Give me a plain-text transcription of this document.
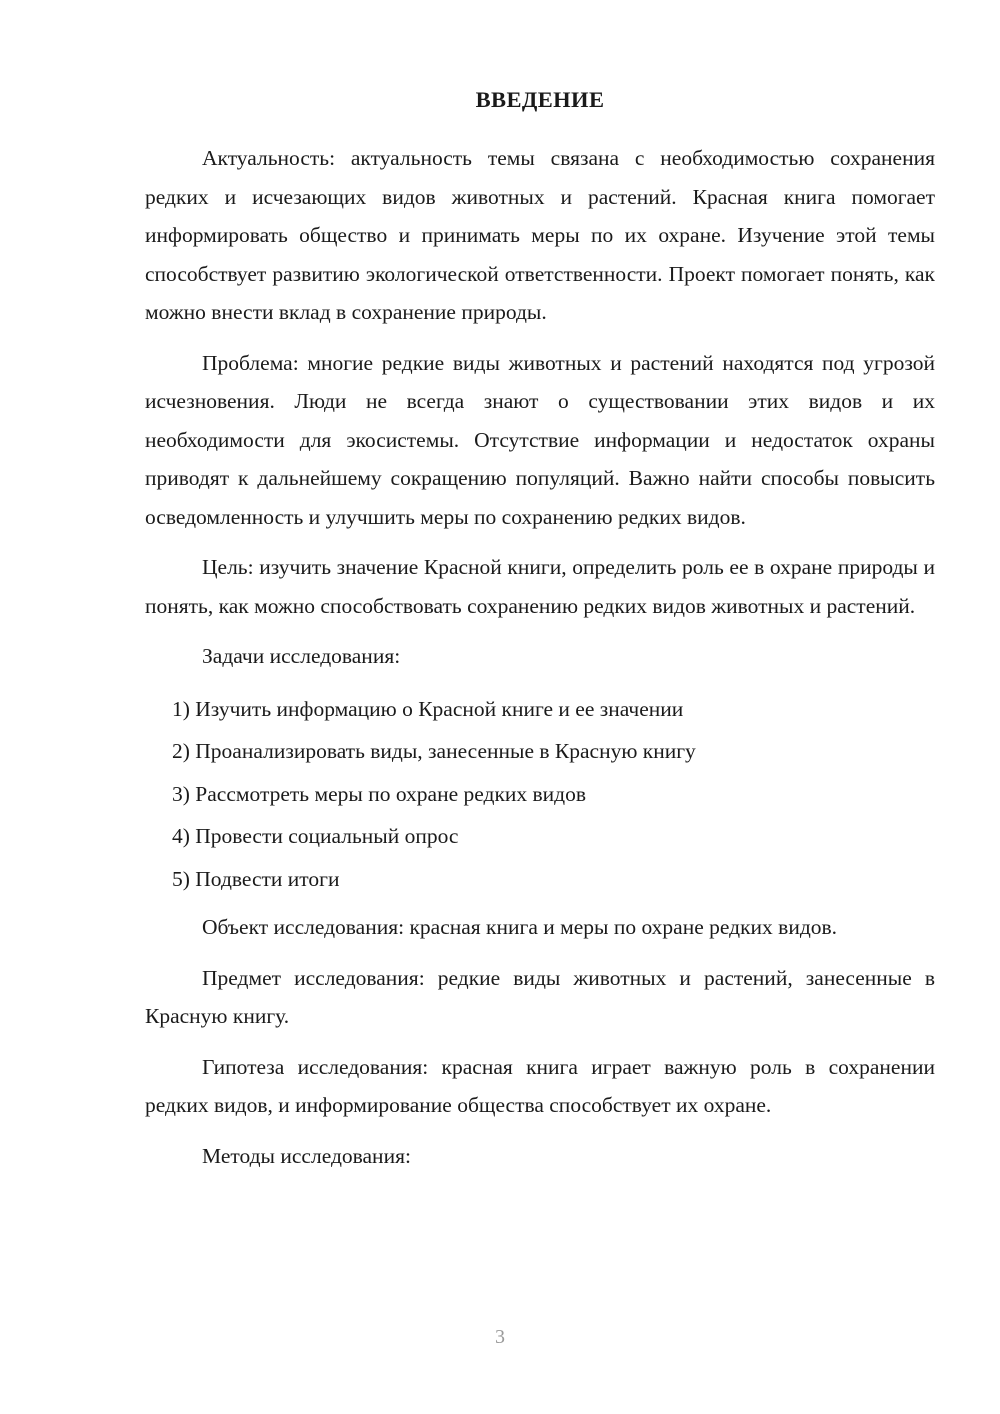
ВВЕДЕНИЕ

Актуальность: актуальность темы связана с необходимостью сохранения редких и исчезающих видов животных и растений. Красная книга помогает информировать общество и принимать меры по их охране. Изучение этой темы способствует развитию экологической ответственности. Проект помогает понять, как можно внести вклад в сохранение природы.

Проблема: многие редкие виды животных и растений находятся под угрозой исчезновения. Люди не всегда знают о существовании этих видов и их необходимости для экосистемы. Отсутствие информации и недостаток охраны приводят к дальнейшему сокращению популяций. Важно найти способы повысить осведомленность и улучшить меры по сохранению редких видов.

Цель: изучить значение Красной книги, определить роль ее в охране природы и понять, как можно способствовать сохранению редких видов животных и растений.

Задачи исследования:

1) Изучить информацию о Красной книге и ее значении
2) Проанализировать виды, занесенные в Красную книгу
3) Рассмотреть меры по охране редких видов
4) Провести социальный опрос
5) Подвести итоги

Объект исследования: красная книга и меры по охране редких видов.

Предмет исследования: редкие виды животных и растений, занесенные в Красную книгу.

Гипотеза исследования: красная книга играет важную роль в сохранении редких видов, и информирование общества способствует их охране.

Методы исследования:

3
